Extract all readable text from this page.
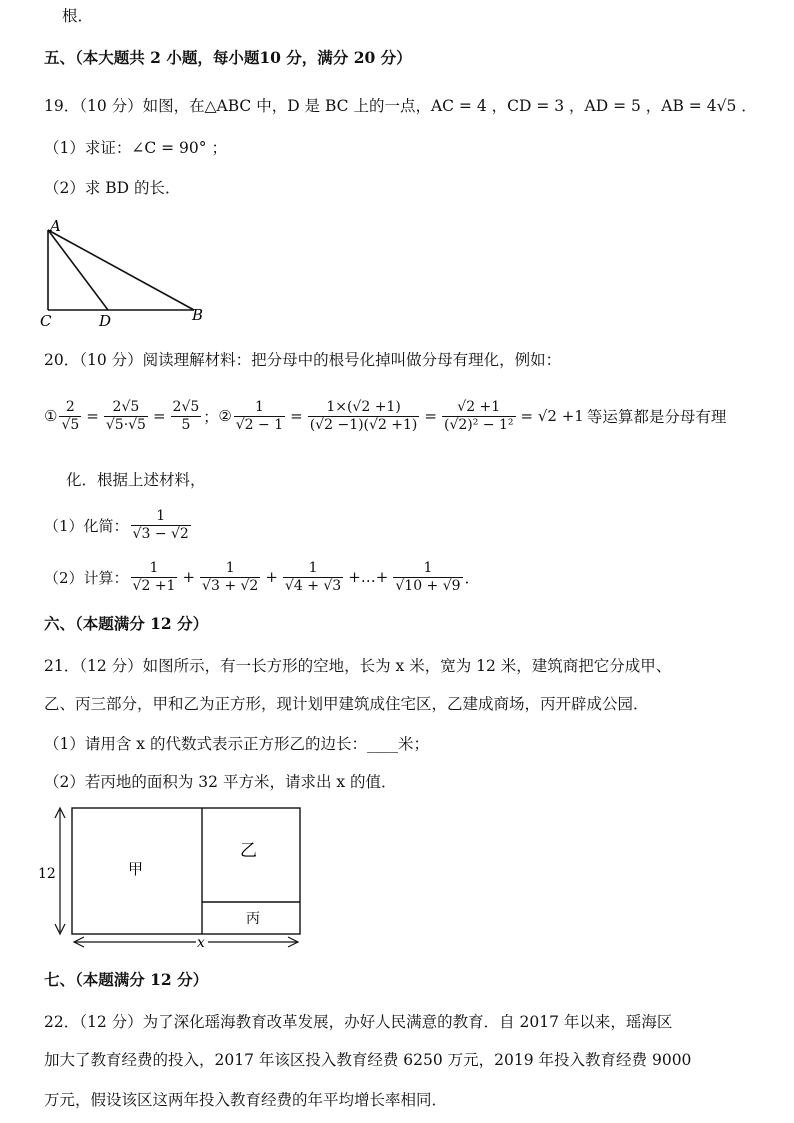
根．
五、（本大题共 2 小题，每小题10 分，满分 20 分）
19．（10 分）如图，在△ABC 中，D 是 BC 上的一点，AC = 4 ，CD = 3 ，AD = 5 ，AB = 4√5 ．
（1）求证：∠C = 90° ；
（2）求 BD 的长．
A
C	D	B
20．（10 分）阅读理解材料：把分母中的根号化掉叫做分母有理化，例如：
① $\frac{2}{√5} = \frac{2√5}{√5\cdot√5} = \frac{2√5}{5}$ ； ② $\frac{1}{√2 - 1} = \frac{1\times(√2 +1)}{(√2 -1)(√2 +1)} = \frac{√2 +1}{\text{(√2)² − 1²}} = √2 +1$ 等运算都是分母有理
化．根据上述材料，
（1）化简： $\frac{1}{√3 - √2}$
（2）计算： $\frac{1}{√2 +1} + \frac{1}{√3 + √2} + \frac{1}{√4 + √3}$ +…+ $\frac{1}{√10 + √9}$ ．
六、（本题满分 12 分）
21．（12 分）如图所示，有一长方形的空地，长为 x 米，宽为 12 米，建筑商把它分成甲、
乙、丙三部分，甲和乙为正方形，现计划甲建筑成住宅区，乙建成商场，丙开辟成公园．
（1）请用含 x 的代数式表示正方形乙的边长：____米；
（2）若丙地的面积为 32 平方米，请求出 x 的值．
甲
乙
丙
12
x
七、（本题满分 12 分）
22．（12 分）为了深化瑶海教育改革发展，办好人民满意的教育．自 2017 年以来，瑶海区
加大了教育经费的投入，2017 年该区投入教育经费 6250 万元，2019 年投入教育经费 9000
万元，假设该区这两年投入教育经费的年平均增长率相同．
